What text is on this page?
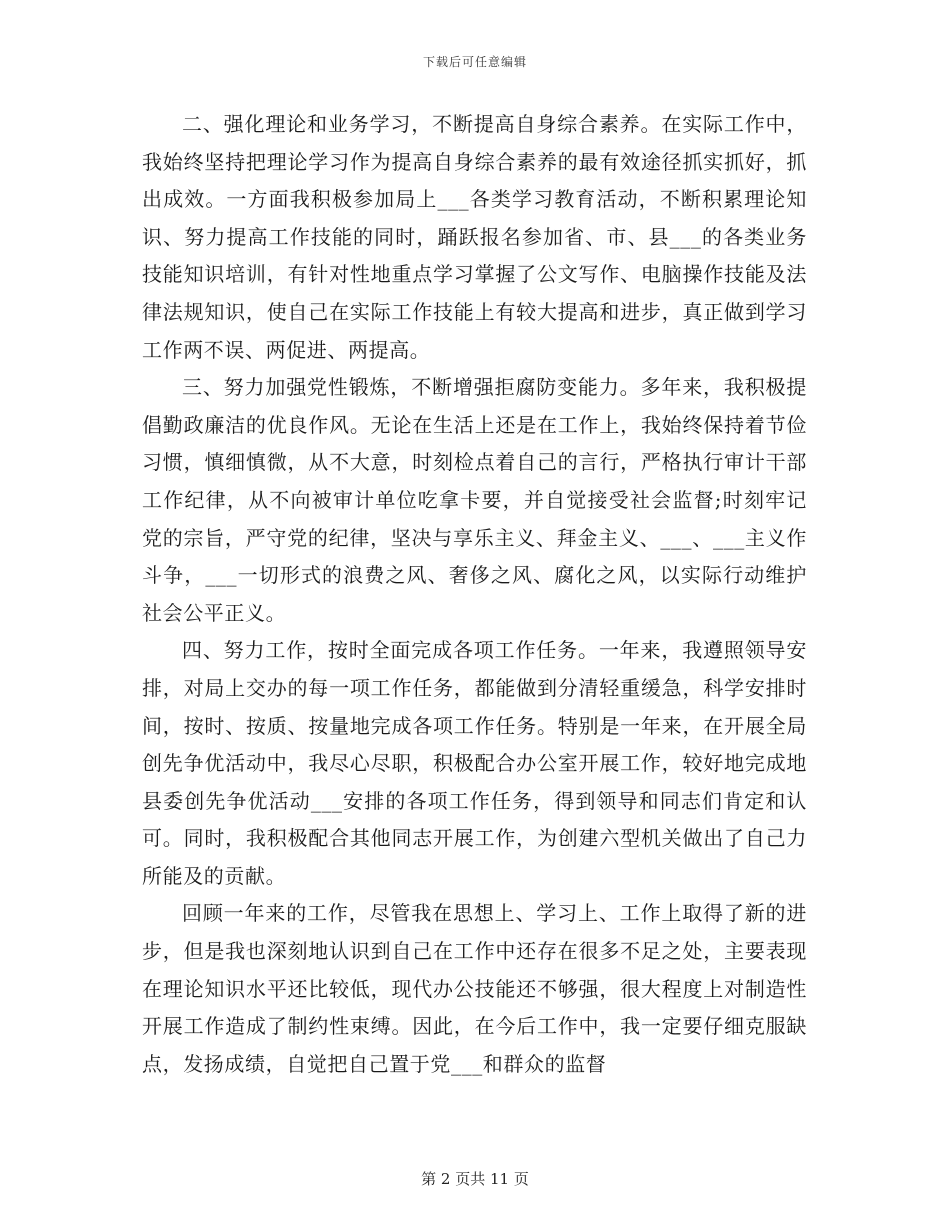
下载后可任意编辑

二、强化理论和业务学习，不断提高自身综合素养。在实际工作中，我始终坚持把理论学习作为提高自身综合素养的最有效途径抓实抓好，抓出成效。一方面我积极参加局上___各类学习教育活动，不断积累理论知识、努力提高工作技能的同时，踊跃报名参加省、市、县___的各类业务技能知识培训，有针对性地重点学习掌握了公文写作、电脑操作技能及法律法规知识，使自己在实际工作技能上有较大提高和进步，真正做到学习工作两不误、两促进、两提高。

三、努力加强党性锻炼，不断增强拒腐防变能力。多年来，我积极提倡勤政廉洁的优良作风。无论在生活上还是在工作上，我始终保持着节俭习惯，慎细慎微，从不大意，时刻检点着自己的言行，严格执行审计干部工作纪律，从不向被审计单位吃拿卡要，并自觉接受社会监督;时刻牢记党的宗旨，严守党的纪律，坚决与享乐主义、拜金主义、___、___主义作斗争，___一切形式的浪费之风、奢侈之风、腐化之风，以实际行动维护社会公平正义。

四、努力工作，按时全面完成各项工作任务。一年来，我遵照领导安排，对局上交办的每一项工作任务，都能做到分清轻重缓急，科学安排时间，按时、按质、按量地完成各项工作任务。特别是一年来，在开展全局创先争优活动中，我尽心尽职，积极配合办公室开展工作，较好地完成地县委创先争优活动___安排的各项工作任务，得到领导和同志们肯定和认可。同时，我积极配合其他同志开展工作，为创建六型机关做出了自己力所能及的贡献。

回顾一年来的工作，尽管我在思想上、学习上、工作上取得了新的进步，但是我也深刻地认识到自己在工作中还存在很多不足之处，主要表现在理论知识水平还比较低，现代办公技能还不够强，很大程度上对制造性开展工作造成了制约性束缚。因此，在今后工作中，我一定要仔细克服缺点，发扬成绩，自觉把自己置于党___和群众的监督

第 2 页共 11 页
